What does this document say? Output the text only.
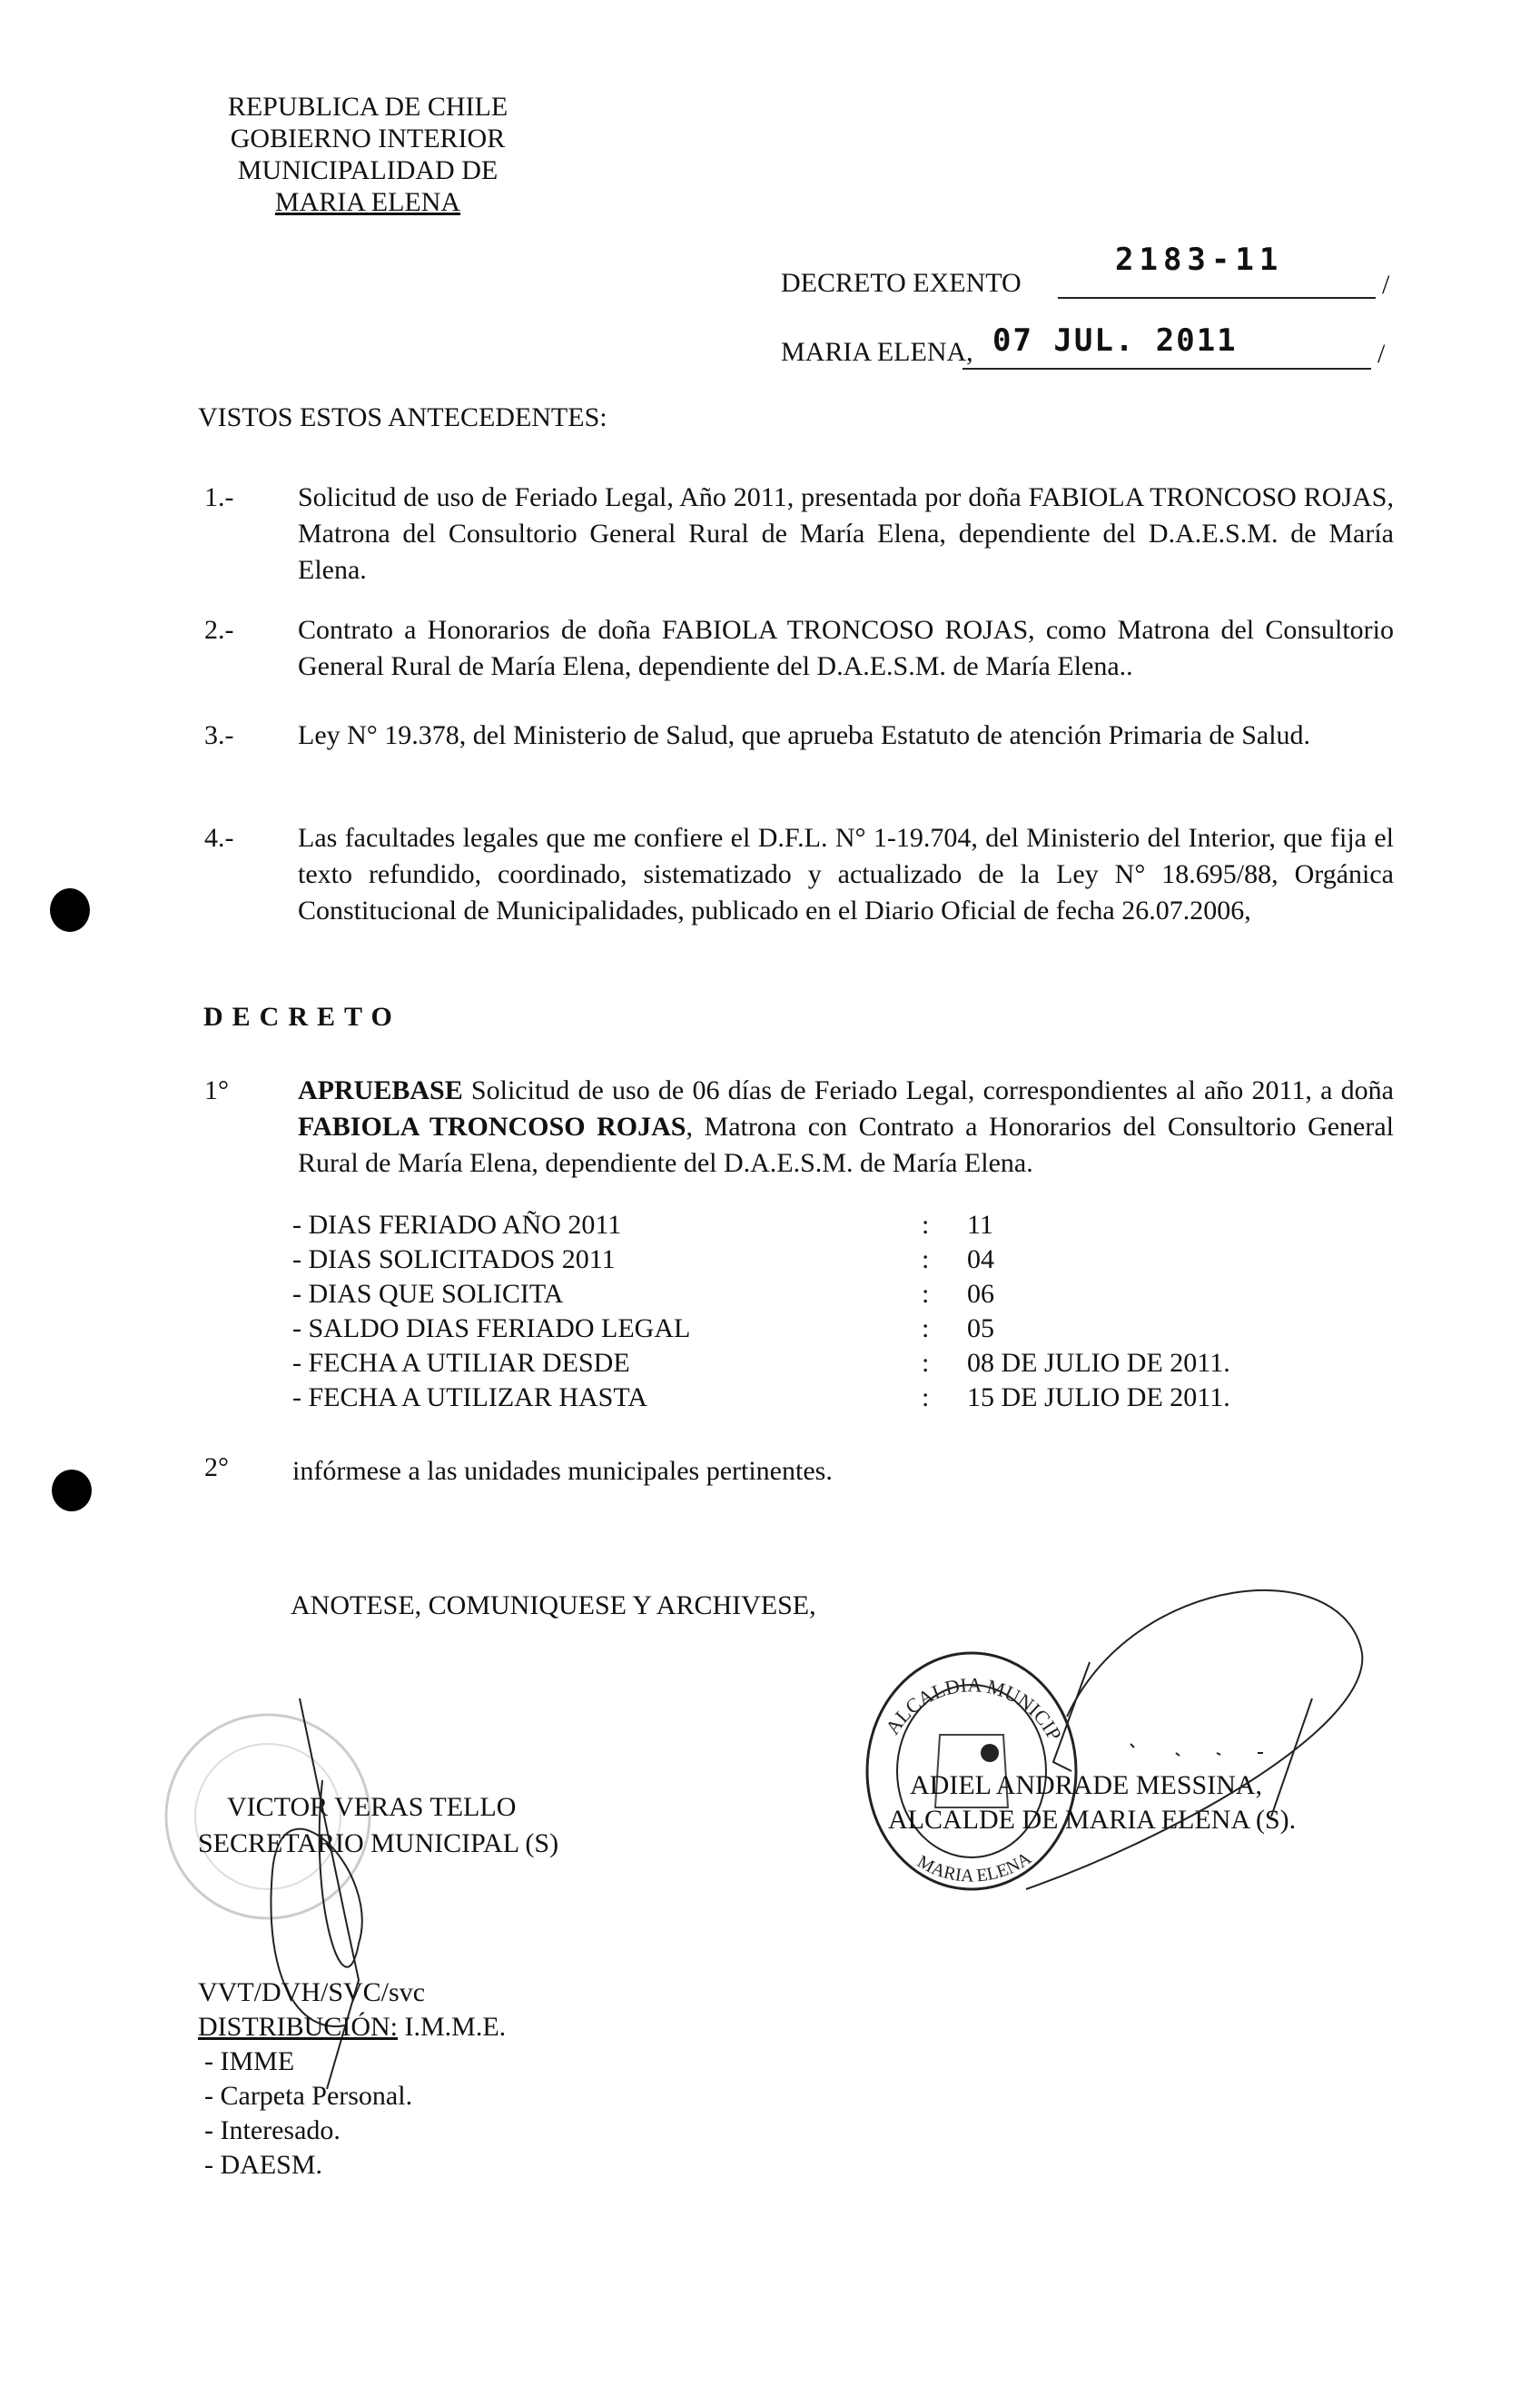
REPUBLICA DE CHILE
GOBIERNO INTERIOR
MUNICIPALIDAD DE
MARIA ELENA
DECRETO EXENTO
2183-11
/
MARIA ELENA, 07 JUL. 2011	/
VISTOS ESTOS ANTECEDENTES:
1.- Solicitud de uso de Feriado Legal, Año 2011, presentada por doña FABIOLA TRONCOSO ROJAS, Matrona del Consultorio General Rural de María Elena, dependiente del D.A.E.S.M. de María Elena.
2.- Contrato a Honorarios de doña FABIOLA TRONCOSO ROJAS, como Matrona del Consultorio General Rural de María Elena, dependiente del D.A.E.S.M. de María Elena..
3.- Ley N° 19.378, del Ministerio de Salud, que aprueba Estatuto de atención Primaria de Salud.
4.- Las facultades legales que me confiere el D.F.L. N° 1-19.704, del Ministerio del Interior, que fija el texto refundido, coordinado, sistematizado y actualizado de la Ley N° 18.695/88, Orgánica Constitucional de Municipalidades, publicado en el Diario Oficial de fecha 26.07.2006,
DECRETO
1°	APRUEBASE Solicitud de uso de 06 días de Feriado Legal, correspondientes al año 2011, a doña FABIOLA TRONCOSO ROJAS, Matrona con Contrato a Honorarios del Consultorio General Rural de María Elena, dependiente del D.A.E.S.M. de María Elena.
- DIAS FERIADO AÑO 2011	: 11
- DIAS SOLICITADOS 2011	: 04
- DIAS QUE SOLICITA	: 06
- SALDO DIAS FERIADO LEGAL	: 05
- FECHA A UTILIAR DESDE	: 08 DE JULIO DE 2011.
- FECHA A UTILIZAR HASTA	: 15 DE JULIO DE 2011.
2° infórmese a las unidades municipales pertinentes.
ANOTESE, COMUNIQUESE Y ARCHIVESE,
VICTOR VERAS TELLO
SECRETARIO MUNICIPAL (S)
ALCALDIA MUNICIPAL
MARIA ELENA
ADIEL ANDRADE MESSINA,
ALCALDE DE MARIA ELENA (S).
VVT/DVH/SVC/svc
DISTRIBUCIÓN: I.M.M.E.
- IMME
- Carpeta Personal.
- Interesado.
- DAESM.
